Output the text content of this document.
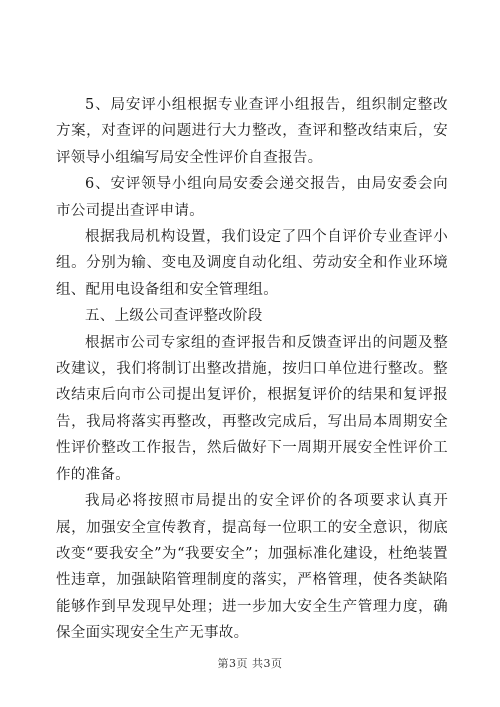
5、局安评小组根据专业查评小组报告，组织制定整改方案，对查评的问题进行大力整改，查评和整改结束后，安评领导小组编写局安全性评价自查报告。

6、安评领导小组向局安委会递交报告，由局安委会向市公司提出查评申请。

根据我局机构设置，我们设定了四个自评价专业查评小组。分别为输、变电及调度自动化组、劳动安全和作业环境组、配用电设备组和安全管理组。

五、上级公司查评整改阶段

根据市公司专家组的查评报告和反馈查评出的问题及整改建议，我们将制订出整改措施，按归口单位进行整改。整改结束后向市公司提出复评价，根据复评价的结果和复评报告，我局将落实再整改，再整改完成后，写出局本周期安全性评价整改工作报告，然后做好下一周期开展安全性评价工作的准备。

我局必将按照市局提出的安全评价的各项要求认真开展，加强安全宣传教育，提高每一位职工的安全意识，彻底改变“要我安全”为“我要安全”；加强标准化建设，杜绝装置性违章，加强缺陷管理制度的落实，严格管理，使各类缺陷能够作到早发现早处理；进一步加大安全生产管理力度，确保全面实现安全生产无事故。

第3页 共3页
